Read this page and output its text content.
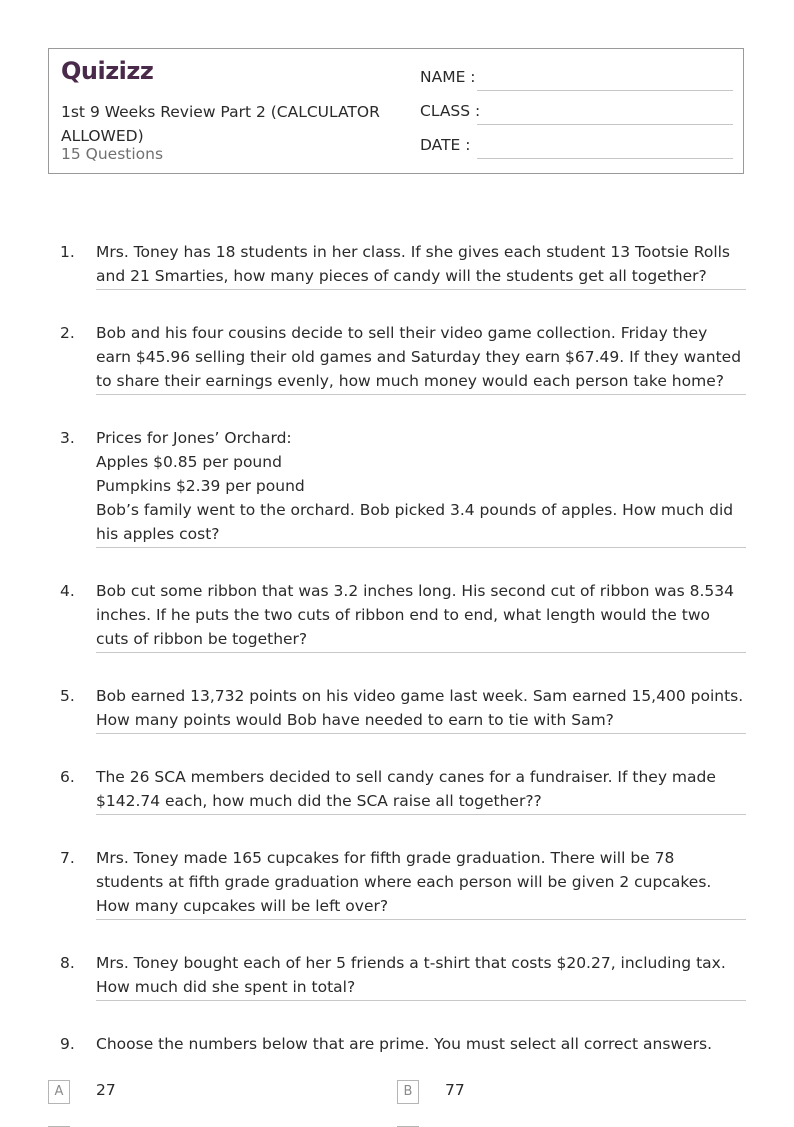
Quizizz
1st 9 Weeks Review Part 2 (CALCULATOR ALLOWED)
15 Questions
NAME :
CLASS :
DATE :
1. Mrs. Toney has 18 students in her class. If she gives each student 13 Tootsie Rolls and 21 Smarties, how many pieces of candy will the students get all together?
2. Bob and his four cousins decide to sell their video game collection. Friday they earn $45.96 selling their old games and Saturday they earn $67.49. If they wanted to share their earnings evenly, how much money would each person take home?
3. Prices for Jones’ Orchard:
Apples $0.85 per pound
Pumpkins $2.39 per pound
Bob’s family went to the orchard. Bob picked 3.4 pounds of apples. How much did his apples cost?
4. Bob cut some ribbon that was 3.2 inches long. His second cut of ribbon was 8.534 inches. If he puts the two cuts of ribbon end to end, what length would the two cuts of ribbon be together?
5. Bob earned 13,732 points on his video game last week. Sam earned 15,400 points. How many points would Bob have needed to earn to tie with Sam?
6. The 26 SCA members decided to sell candy canes for a fundraiser. If they made $142.74 each, how much did the SCA raise all together??
7. Mrs. Toney made 165 cupcakes for fifth grade graduation. There will be 78 students at fifth grade graduation where each person will be given 2 cupcakes. How many cupcakes will be left over?
8. Mrs. Toney bought each of her 5 friends a t-shirt that costs $20.27, including tax. How much did she spent in total?
9. Choose the numbers below that are prime. You must select all correct answers.
A	27	B	77
